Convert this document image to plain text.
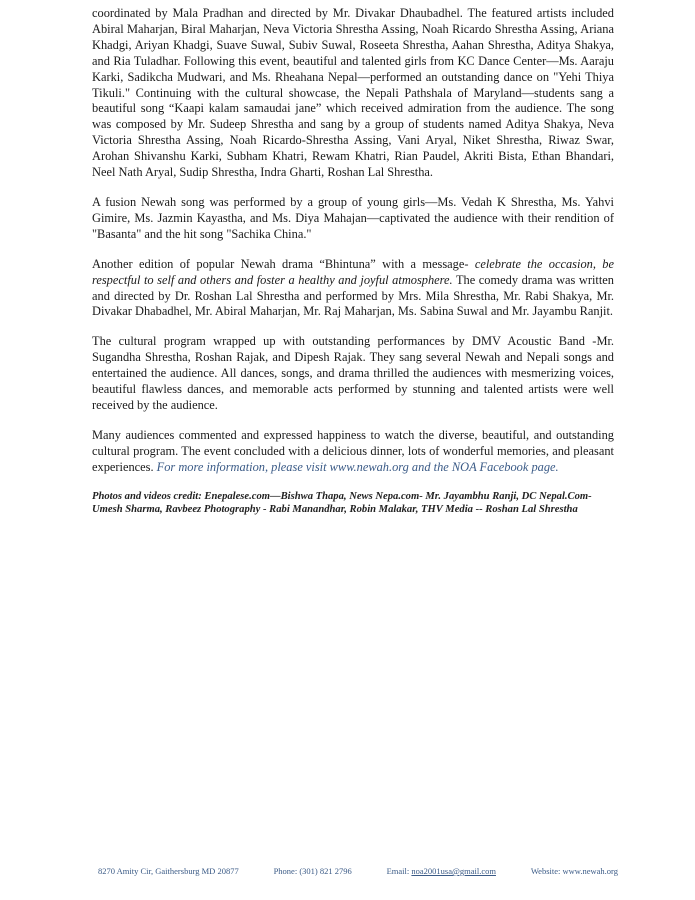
coordinated by Mala Pradhan and directed by Mr. Divakar Dhaubadhel. The featured artists included Abiral Maharjan, Biral Maharjan, Neva Victoria Shrestha Assing, Noah Ricardo Shrestha Assing, Ariana Khadgi, Ariyan Khadgi, Suave Suwal, Subiv Suwal, Roseeta Shrestha, Aahan Shrestha, Aditya Shakya, and Ria Tuladhar. Following this event, beautiful and talented girls from KC Dance Center—Ms. Aaraju Karki, Sadikcha Mudwari, and Ms. Rheahana Nepal—performed an outstanding dance on "Yehi Thiya Tikuli." Continuing with the cultural showcase, the Nepali Pathshala of Maryland—students sang a beautiful song “Kaapi kalam samaudai jane” which received admiration from the audience. The song was composed by Mr. Sudeep Shrestha and sang by a group of students named Aditya Shakya, Neva Victoria Shrestha Assing, Noah Ricardo-Shrestha Assing, Vani Aryal, Niket Shrestha, Riwaz Swar, Arohan Shivanshu Karki, Subham Khatri, Rewam Khatri, Rian Paudel, Akriti Bista, Ethan Bhandari, Neel Nath Aryal, Sudip Shrestha, Indra Gharti, Roshan Lal Shrestha.

A fusion Newah song was performed by a group of young girls—Ms. Vedah K Shrestha, Ms. Yahvi Gimire, Ms. Jazmin Kayastha, and Ms. Diya Mahajan—captivated the audience with their rendition of "Basanta" and the hit song "Sachika China."

Another edition of popular Newah drama “Bhintuna” with a message- celebrate the occasion, be respectful to self and others and foster a healthy and joyful atmosphere. The comedy drama was written and directed by Dr. Roshan Lal Shrestha and performed by Mrs. Mila Shrestha, Mr. Rabi Shakya, Mr. Divakar Dhabadhel, Mr. Abiral Maharjan, Mr. Raj Maharjan, Ms. Sabina Suwal and Mr. Jayambu Ranjit.

The cultural program wrapped up with outstanding performances by DMV Acoustic Band -Mr. Sugandha Shrestha, Roshan Rajak, and Dipesh Rajak. They sang several Newah and Nepali songs and entertained the audience. All dances, songs, and drama thrilled the audiences with mesmerizing voices, beautiful flawless dances, and memorable acts performed by stunning and talented artists were well received by the audience.

Many audiences commented and expressed happiness to watch the diverse, beautiful, and outstanding cultural program. The event concluded with a delicious dinner, lots of wonderful memories, and pleasant experiences. For more information, please visit www.newah.org and the NOA Facebook page.

Photos and videos credit: Enepalese.com—Bishwa Thapa, News Nepa.com- Mr. Jayambhu Ranji, DC Nepal.Com- Umesh Sharma, Ravbeez Photography - Rabi Manandhar, Robin Malakar, THV Media -- Roshan Lal Shrestha
8270 Amity Cir, Gaithersburg MD 20877	Phone: (301) 821 2796	Email: noa2001usa@gmail.com	Website: www.newah.org
